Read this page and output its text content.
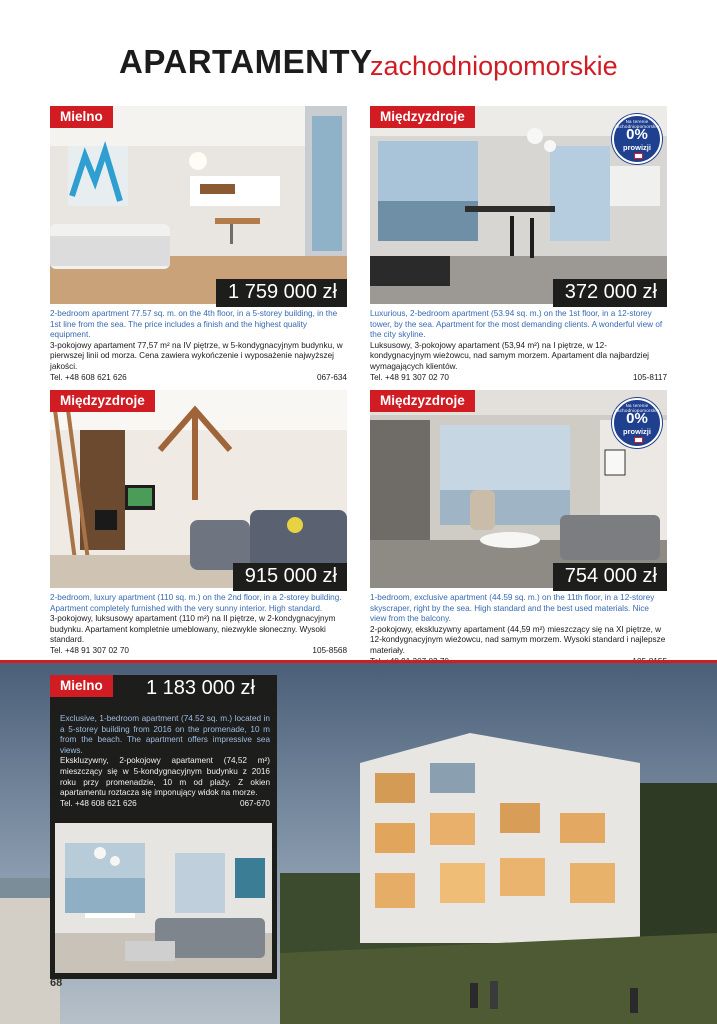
APARTAMENTY
zachodniopomorskie
Mielno
1 759 000 zł
2-bedroom apartment 77.57 sq. m. on the 4th floor, in a 5-storey building, in the 1st line from the sea. The price includes a finish and the highest quality equipment.
3-pokojowy apartament 77,57 m² na IV piętrze, w 5-kondygnacyjnym budynku, w pierwszej linii od morza. Cena zawiera wykończenie i wyposażenie najwyższej jakości.
Tel. +48 608 621 626	067-634
Międzyzdroje
372 000 zł
Na terenie zachodniopomorskie
0%
prowizji
Luxurious, 2-bedroom apartment (53.94 sq. m.) on the 1st floor, in a 12-storey tower, by the sea. Apartment for the most demanding clients. A wonderful view of the city skyline.
Luksusowy, 3-pokojowy apartament (53,94 m²) na I piętrze, w 12-kondygnacyjnym wieżowcu, nad samym morzem. Apartament dla najbardziej wymagających klientów.
Tel. +48 91 307 02 70	105-8117
Międzyzdroje
915 000 zł
2-bedroom, luxury apartment (110 sq. m.) on the 2nd floor, in a 2-storey building. Apartment completely furnished with the very sunny interior. High standard.
3-pokojowy, luksusowy apartament (110 m²) na II piętrze, w 2-kondygnacyjnym budynku. Apartament kompletnie umeblowany, niezwykle słoneczny. Wysoki standard.
Tel. +48 91 307 02 70	105-8568
Międzyzdroje
754 000 zł
Na terenie zachodniopomorskie
0%
prowizji
1-bedroom, exclusive apartment (44.59 sq. m.) on the 11th floor, in a 12-storey skyscraper, right by the sea. High standard and the best used materials. Nice view from the balcony.
2-pokojowy, ekskluzywny apartament (44,59 m²) mieszczący się na XI piętrze, w 12-kondygnacyjnym wieżowcu, nad samym morzem. Wysoki standard i najlepsze materiały.
Mielno	1 183 000 zł
Exclusive, 1-bedroom apartment (74.52 sq. m.) located in a 5-storey building from 2016 on the promenade, 10 m from the beach. The apartment offers impressive sea views.
Ekskluzywny, 2-pokojowy apartament (74,52 m²) mieszczący się w 5-kondygnacyjnym budynku z 2016 roku przy promenadzie, 10 m od plaży. Z okien apartamentu roztacza się imponujący widok na morze.
Tel. +48 608 621 626	067-670
68
